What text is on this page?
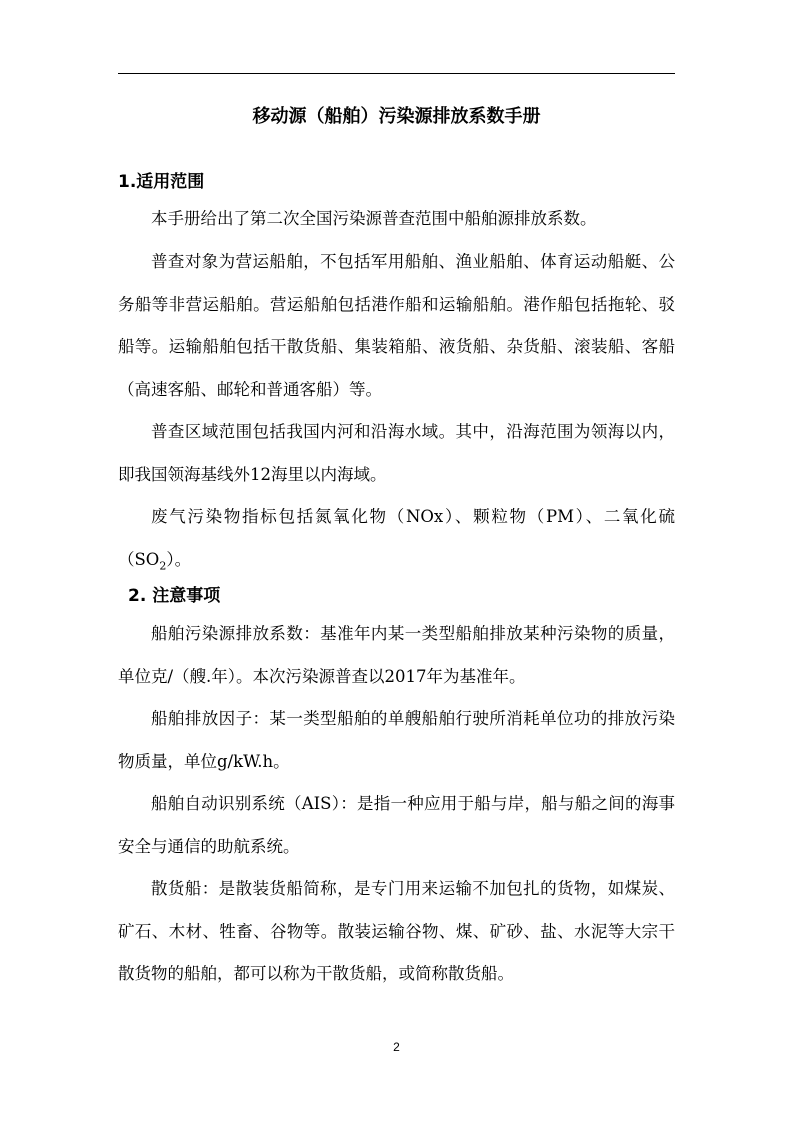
移动源（船舶）污染源排放系数手册
1.适用范围
本手册给出了第二次全国污染源普查范围中船舶源排放系数。
普查对象为营运船舶，不包括军用船舶、渔业船舶、体育运动船艇、公务船等非营运船舶。营运船舶包括港作船和运输船舶。港作船包括拖轮、驳船等。运输船舶包括干散货船、集装箱船、液货船、杂货船、滚装船、客船（高速客船、邮轮和普通客船）等。
普查区域范围包括我国内河和沿海水域。其中，沿海范围为领海以内，即我国领海基线外12海里以内海域。
废气污染物指标包括氮氧化物（NOx）、颗粒物（PM）、二氧化硫$(SO_2)$。
2. 注意事项
船舶污染源排放系数：基准年内某一类型船舶排放某种污染物的质量，单位克/（艘.年）。本次污染源普查以2017年为基准年。
船舶排放因子：某一类型船舶的单艘船舶行驶所消耗单位功的排放污染物质量，单位g/kW.h。
船舶自动识别系统（AIS）：是指一种应用于船与岸，船与船之间的海事安全与通信的助航系统。
散货船：是散装货船简称，是专门用来运输不加包扎的货物，如煤炭、矿石、木材、牲畜、谷物等。散装运输谷物、煤、矿砂、盐、水泥等大宗干散货物的船舶，都可以称为干散货船，或简称散货船。
2
